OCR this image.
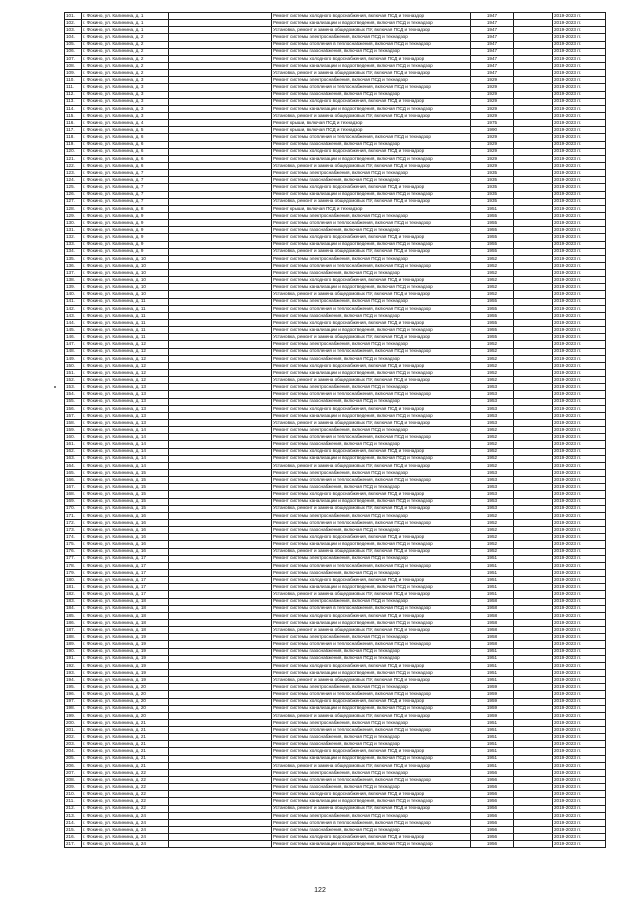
101.	г. Фокино, ул. Калинина, д. 1		Ремонт системы холодного водоснабжения, включая ПСД и техназдор	1947		2019-2023 гг.
102.	г. Фокино, ул. Калинина, д. 1		Ремонт системы канализации и водоотведения, включая ПСД и технадзор	1947		2019-2023 гг.
103.	г. Фокино, ул. Калинина, д. 1		Установка, ремонт и замена общедомовых ПУ, включая ПСД и технадзор	1947		2019-2023 гг.
104.	г. Фокино, ул. Калинина, д. 2		Ремонт системы электроснабжения, включая ПСД и технадзор	1947		2019-2023 гг.
105.	г. Фокино, ул. Калинина, д. 2		Ремонт системы отопления в теплоснабжения, включая ПСД и технадзор	1947		2019-2023 гг.
106.	г. Фокино, ул. Калинина, д. 2		Ремонт системы газоснабжения, включая ПСД и технадзор	1947		2019-2023 гг.
107.	г. Фокино, ул. Калинина, д. 2		Ремонт системы холодного водоснабжения, включая ПСД и технадзор	1947		2019-2023 гг.
108.	г. Фокино, ул. Калинина, д. 2		Ремонт системы канализации и водоотведения, включая ПСД и технадзор	1947		2019-2023 гг.
109.	г. Фокино, ул. Калинина, д. 2		Установка, ремонт и замена общедомовых ПУ, включая ПСД и технадзор	1947		2019-2023 гг.
110.	г. Фокино, ул. Калинина, д. 3		Ремонт системы электроснабжения, включая ПСД и технадзор	1929		2019-2023 гг.
111.	г. Фокино, ул. Калинина, д. 3		Ремонт системы отопления и теплоснабжения, включая ПСД и технадзор	1929		2019-2023 гг.
112.	г. Фокино, ул. Калинина, д. 3		Ремонт системы газоснабжения, включая ПСД и технадзор	1929		2019-2023 гг.
113.	г. Фокино, ул. Калинина, д. 3		Ремонт системы холодного водоснабжения, включая ПСД и технадзор	1929		2019-2023 гг.
114.	г. Фокино, ул. Калинина, д. 3		Ремонт системы канализации и водоотведения, включая ПСД и технадзор	1929		2019-2023 гг.
115.	г. Фокино, ул. Калинина, д. 3		Установка, ремонт и замена общедомовых ПУ, включая ПСД и технадзор	1929		2019-2023 гг.
116.	г. Фокино, ул. Калинина, д. 4		Ремонт крыши, включая ПСД и технадзор	1975		2019-2023 гг.
117.	г. Фокино, ул. Калинина, д. 5		Ремонт крыши, включая ПСД и технадзор	1990		2019-2023 гг.
118.	г. Фокино, ул. Калинина, д. 6		Ремонт системы отопления и теплоснабжения, включая ПСД и технадзор	1929		2019-2023 гг.
119.	г. Фокино, ул. Калинина, д. 6		Ремонт системы газоснабжения, включая ПСД и технадзор	1929		2019-2023 гг.
120.	г. Фокино, ул. Калинина, д. 6		Ремонт системы холодного водоснабжения, включая ПСД и технадзор	1929		2019-2023 гг.
121.	г. Фокино, ул. Калинина, д. 6		Ремонт системы канализации и водоотведения, включая ПСД и технадзор	1929		2019-2023 гг.
122.	г. Фокино, ул. Калинина, д. 6		Установка, ремонт и замена общедомовых ПУ, включая ПСД и технадзор	1929		2019-2023 гг.
123.	г. Фокино, ул. Калинина, д. 7		Ремонт системы электроснабжения, включая ПСД и технадзор	1935		2019-2023 гг.
124.	г. Фокино, ул. Калинина, д. 7		Ремонт системы газоснабжения, включая ПСД и технадзор	1935		2019-2023 гг.
125.	г. Фокино, ул. Калинина, д. 7		Ремонт системы холодного водоснабжения, включая ПСД и технадзор	1935		2019-2023 гг.
126.	г. Фокино, ул. Калинина, д. 7		Ремонт системы канализации и водоотведения, включая ПСД и технадзор	1935		2019-2023 гг.
127.	г. Фокино, ул. Калинина, д. 7		Установка, ремонт и замена общедомовых ПУ, включая ПСД и технадзор	1935		2019-2023 гг.
128.	г. Фокино, ул. Калинина, д. 8		Ремонт крыши, включая ПСД и технадзор	1951		2019-2023 гг.
129.	г. Фокино, ул. Калинина, д. 9		Ремонт системы электроснабжения, включая ПСД и технадзор	1955		2019-2023 гг.
130.	г. Фокино, ул. Калинина, д. 9		Ремонт системы отопления и теплоснабжения, включая ПСД и технадзор	1955		2019-2023 гг.
131.	г. Фокино, ул. Калинина, д. 9		Ремонт системы газоснабжения, включая ПСД и технадзор	1955		2019-2023 гг.
132.	г. Фокино, ул. Калинина, д. 9		Ремонт системы холодного водоснабжения, включая ПСД и технадзор	1955		2019-2023 гг.
133.	г. Фокино, ул. Калинина, д. 9		Ремонт системы канализации и водоотведения, включая ПСД и технадзор	1955		2019-2023 гг.
134.	г. Фокино, ул. Калинина, д. 9		Установка, ремонт и замена общедомовых ПУ, включая ПСД и технадзор	1955		2019-2023 гг.
135.	г. Фокино, ул. Калинина, д. 10		Ремонт системы электроснабжения, включая ПСД и технадзор	1952		2019-2023 гг.
136.	г. Фокино, ул. Калинина, д. 10		Ремонт системы отопления и теплоснабжения, включая ПСД и технадзор	1952		2019-2023 гг.
137.	г. Фокино, ул. Калинина, д. 10		Ремонт системы газоснабжения, включая ПСД и технадзор	1952		2019-2023 гг.
138.	г. Фокино, ул. Калинина, д. 10		Ремонт системы холодного водоснабжения, включая ПСД и технадзор	1952		2019-2023 гг.
139.	г. Фокино, ул. Калинина, д. 10		Ремонт системы канализации и водоотведения, включая ПСД и технадзор	1952		2019-2023 гг.
140.	г. Фокино, ул. Калинина, д. 10		Установка, ремонт и замена общедомовых ПУ, включая ПСД и технадзор	1952		2019-2023 гг.
141.	г. Фокино, ул. Калинина, д. 11		Ремонт системы электроснабжения, включая ПСД и технадзор	1955		2019-2023 гг.
142.	г. Фокино, ул. Калинина, д. 11		Ремонт системы отопления и теплоснабжения, включая ПСД и технадзор	1955		2019-2023 гг.
143.	г. Фокино, ул. Калинина, д. 11		Ремонт системы газоснабжения, включая ПСД и технадзор	1955		2019-2023 гг.
144.	г. Фокино, ул. Калинина, д. 11		Ремонт системы холодного водоснабжения, включая ПСД и технадзор	1955		2019-2023 гг.
145.	г. Фокино, ул. Калинина, д. 11		Ремонт системы канализации и водоотведения, включая ПСД и технадзор	1955		2019-2023 гг.
146.	г. Фокино, ул. Калинина, д. 11		Установка, ремонт и замена общедомовых ПУ, включая ПСД и технадзор	1955		2019-2023 гг.
147.	г. Фокино, ул. Калинина, д. 12		Ремонт системы электроснабжения, включая ПСД и технадзор	1952		2019-2023 гг.
148.	г. Фокино, ул. Калинина, д. 12		Ремонт системы отопления и теплоснабжения, включая ПСД и технадзор	1952		2019-2023 гг.
149.	г. Фокино, ул. Калинина, д. 12		Ремонт системы газоснабжения, включая ПСД и технадзор	1952		2019-2023 гг.
150.	г. Фокино, ул. Калинина, д. 12		Ремонт системы холодного водоснабжения, включая ПСД и технадзор	1952		2019-2023 гг.
151.	г. Фокино, ул. Калинина, д. 12		Ремонт системы канализации и водоотведения, включая ПСД и технадзор	1952		2019-2023 гг.
152.	г. Фокино, ул. Калинина, д. 12		Установка, ремонт и замена общедомовых ПУ, включая ПСД и технадзор	1952		2019-2023 гг.
153.	г. Фокино, ул. Калинина, д. 13		Ремонт системы электроснабжения, включая ПСД и технадзор	1953		2019-2023 гг.
154.	г. Фокино, ул. Калинина, д. 13		Ремонт системы отопления и теплоснабжения, включая ПСД и технадзор	1953		2019-2023 гг.
155.	г. Фокино, ул. Калинина, д. 13		Ремонт системы газоснабжения, включая ПСД и технадзор	1953		2019-2023 гг.
156.	г. Фокино, ул. Калинина, д. 13		Ремонт системы холодного водоснабжения, включая ПСД и технадзор	1953		2019-2023 гг.
157.	г. Фокино, ул. Калинина, д. 13		Ремонт системы канализации и водоотведения, включая ПСД и технадзор	1953		2019-2023 гг.
158.	г. Фокино, ул. Калинина, д. 13		Установка, ремонт и замена общедомовых ПУ, включая ПСД и технадзор	1953		2019-2023 гг.
159.	г. Фокино, ул. Калинина, д. 14		Ремонт системы электроснабжения, включая ПСД и технадзор	1952		2019-2023 гг.
160.	г. Фокино, ул. Калинина, д. 14		Ремонт системы отопления и теплоснабжения, включая ПСД и технадзор	1952		2019-2023 гг.
161.	г. Фокино, ул. Калинина, д. 14		Ремонт системы газоснабжения, включая ПСД и технадзор	1952		2019-2023 гг.
162.	г. Фокино, ул. Калинина, д. 14		Ремонт системы холодного водоснабжения, включая ПСД и технадзор	1952		2019-2023 гг.
163.	г. Фокино, ул. Калинина, д. 14		Ремонт системы канализации и водоотведения, включая ПСД и технадзор	1952		2019-2023 гг.
164.	г. Фокино, ул. Калинина, д. 14		Установка, ремонт и замена общедомовых ПУ, включая ПСД и технадзор	1952		2019-2023 гг.
165.	г. Фокино, ул. Калинина, д. 15		Ремонт системы электроснабжения, включая ПСД и технадзор	1953		2019-2023 гг.
166.	г. Фокино, ул. Калинина, д. 15		Ремонт системы отопления и теплоснабжения, включая ПСД и технадзор	1953		2019-2023 гг.
167.	г. Фокино, ул. Калинина, д. 15		Ремонт системы газоснабжения, включая ПСД и технадзор	1953		2019-2023 гг.
168.	г. Фокино, ул. Калинина, д. 15		Ремонт системы холодного водоснабжения, включая ПСД и технадзор	1953		2019-2023 гг.
169.	г. Фокино, ул. Калинина, д. 15		Ремонт системы канализации и водоотведения, включая ПСД и технадзор	1953		2019-2023 гг.
170.	г. Фокино, ул. Калинина, д. 15		Установка, ремонт и замена общедомовых ПУ, включая ПСД и технадзор	1953		2019-2023 гг.
171.	г. Фокино, ул. Калинина, д. 16		Ремонт системы электроснабжения, включая ПСД и технадзор	1952		2019-2023 гг.
172.	г. Фокино, ул. Калинина, д. 16		Ремонт системы отопления и теплоснабжения, включая ПСД и технадзор	1952		2019-2023 гг.
173.	г. Фокино, ул. Калинина, д. 16		Ремонт системы газоснабжения, включая ПСД и технадзор	1952		2019-2023 гг.
174.	г. Фокино, ул. Калинина, д. 16		Ремонт системы холодного водоснабжения, включая ПСД и технадзор	1952		2019-2023 гг.
175.	г. Фокино, ул. Калинина, д. 16		Ремонт системы канализации и водоотведения, включая ПСД и технадзор	1952		2019-2023 гг.
176.	г. Фокино, ул. Калинина, д. 16		Установка, ремонт и замена общедомовых ПУ, включая ПСД и технадзор	1952		2019-2023 гг.
177.	г. Фокино, ул. Калинина, д. 17		Ремонт системы электроснабжения, включая ПСД и технадзор	1951		2019-2023 гг.
178.	г. Фокино, ул. Калинина, д. 17		Ремонт системы отопления и теплоснабжения, включая ПСД и технадзор	1951		2019-2023 гг.
179.	г. Фокино, ул. Калинина, д. 17		Ремонт системы газоснабжения, включая ПСД и технадзор	1951		2019-2023 гг.
180.	г. Фокино, ул. Калинина, д. 17		Ремонт системы холодного водоснабжения, включая ПСД и технадзор	1951		2019-2023 гг.
181.	г. Фокино, ул. Калинина, д. 17		Ремонт системы канализации и водоотведения, включая ПСД и технадзор	1951		2019-2023 гг.
182.	г. Фокино, ул. Калинина, д. 17		Установка, ремонт и замена общедомовых ПУ, включая ПСД и технадзор	1951		2019-2023 гг.
183.	г. Фокино, ул. Калинина, д. 18		Ремонт системы электроснабжения, включая ПСД и технадзор	1958		2019-2023 гг.
184.	г. Фокино, ул. Калинина, д. 18		Ремонт системы отопления в теплоснабжения, включая ПСД и технадзор	1958		2019-2023 гг.
185.	г. Фокино, ул. Калинина, д. 18		Ремонт системы холодного водоснабжения, включая ПСД и технадзор	1958		2019-2023 гг.
186.	г. Фокино, ул. Калинина, д. 18		Ремонт системы канализации и водоотведения, включая ПСД и технадзор	1958		2019-2023 гг.
187.	г. Фокино, ул. Калинина, д. 18		Установка, ремонт и замена общедомовых ПУ, включая ПСД и технадзор	1958		2019-2023 гг.
188.	г. Фокино, ул. Калинина, д. 19		Ремонт системы электроснабжения, включая ПСД и технадзор	1958		2019-2023 гг.
189.	г. Фокино, ул. Калинина, д. 19		Ремонт системы отопления и теплоснабжения, включая ПСД и технадзор	1958		2019-2023 гг.
190.	г. Фокино, ул. Калинина, д. 19		Ремонт системы газоснабжения, включая ПСД и технадзор	1951		2019-2023 гг.
191.	г. Фокино, ул. Калинина, д. 19		Ремонт системы газоснабжения, включая ПСД и технадзор	1951		2019-2023 гг.
192.	г. Фокино, ул. Калинина, д. 19		Ремонт системы холодного водоснабжения, включая ПСД и технадзор	1951		2019-2023 гг.
193.	г. Фокино, ул. Калинина, д. 19		Ремонт системы канализации и водоотведения, включая ПСД и технадзор	1951		2019-2023 гг.
194.	г. Фокино, ул. Калинина, д. 19		Установка, ремонт и замена общедомовых ПУ, включая ПСД и технадзор	1951		2019-2023 гг.
195.	г. Фокино, ул. Калинина, д. 20		Ремонт системы электроснабжения, включая ПСД и технадзор	1959		2019-2023 гг.
196.	г. Фокино, ул. Калинина, д. 20		Ремонт системы отопления и теплоснабжения, включая ПСД и технадзор	1959		2019-2023 гг.
197.	г. Фокино, ул. Калинина, д. 20		Ремонт системы холодного водоснабжения, включая ПСД и технадзор	1959		2019-2023 гг.
198.	г. Фокино, ул. Калинина, д. 20		Ремонт системы канализации и водоотведения, включая ПСД и технадзор	1959		2019-2023 гг.
199.	г. Фокино, ул. Калинина, д. 20		Установка, ремонт и замена общедомовых ПУ, включая ПСД и технадзор	1959		2019-2023 гг.
200.	г. Фокино, ул. Калинина, д. 21		Ремонт системы электроснабжения, включая ПСД и технадзор	1951		2019-2023 гг.
201.	г. Фокино, ул. Калинина, д. 21		Ремонт системы отопления и теплоснабжения, включая ПСД и технадзор	1951		2019-2023 гг.
202.	г. Фокино, ул. Калинина, д. 21		Ремонт системы газоснабжения, включая ПСД и технадзор	1951		2019-2023 гг.
203.	г. Фокино, ул. Калинина, д. 21		Ремонт системы газоснабжения, включая ПСД и технадзор	1951		2019-2023 гг.
204.	г. Фокино, ул. Калинина, д. 21		Ремонт системы холодного водоснабжения, включая ПСД и технадзор	1951		2019-2023 гг.
205.	г. Фокино, ул. Калинина, д. 21		Ремонт системы канализации и водоотведения, включая ПСД и технадзор	1951		2019-2023 гг.
206.	г. Фокино, ул. Калинина, д. 21		Установка, ремонт и замена общедомовых ПУ, включая ПСД и технадзор	1951		2019-2023 гг.
207.	г. Фокино, ул. Калинина, д. 22		Ремонт системы электроснабжения, включая ПСД и технадзор	1956		2019-2023 гг.
208.	г. Фокино, ул. Калинина, д. 22		Ремонт системы отопления и теплоснабжения, включая ПСД и технадзор	1956		2019-2023 гг.
209.	г. Фокино, ул. Калинина, д. 22		Ремонт системы газоснабжения, включая ПСД и технадзор	1956		2019-2023 гг.
210.	г. Фокино, ул. Калинина, д. 22		Ремонт системы холодного водоснабжения, включая ПСД и технадзор	1956		2019-2023 гг.
211.	г. Фокино, ул. Калинина, д. 22		Ремонт системы канализации и водоотведения, включая ПСД и технадзор	1956		2019-2023 гг.
212.	г. Фокино, ул. Калинина, д. 22		Установка, ремонт и замена общедомовых ПУ, включая ПСД и технадзор	1956		2019-2023 гг.
213.	г. Фокино, ул. Калинина, д. 24		Ремонт системы электроснабжения, включая ПСД и технадзор	1956		2019-2023 гг.
214.	г. Фокино, ул. Калинина, д. 24		Ремонт системы отопления в теплоснабжения, включая ПСД и технадзор	1956		2019-2023 гг.
215.	г. Фокино, ул. Калинина, д. 24		Ремонт системы газоснабжения, включая ПСД и технадзор	1956		2019-2023 гг.
216.	г. Фокино, ул. Калинина, д. 24		Ремонт системы холодного водоснабжения, включая ПСД и технадзор	1956		2019-2023 гг.
217.	г. Фокино, ул. Калинина, д. 24		Ремонт системы канализации и водоотведения, включая ПСД и технадзор	1956		2019-2023 гг.
122
